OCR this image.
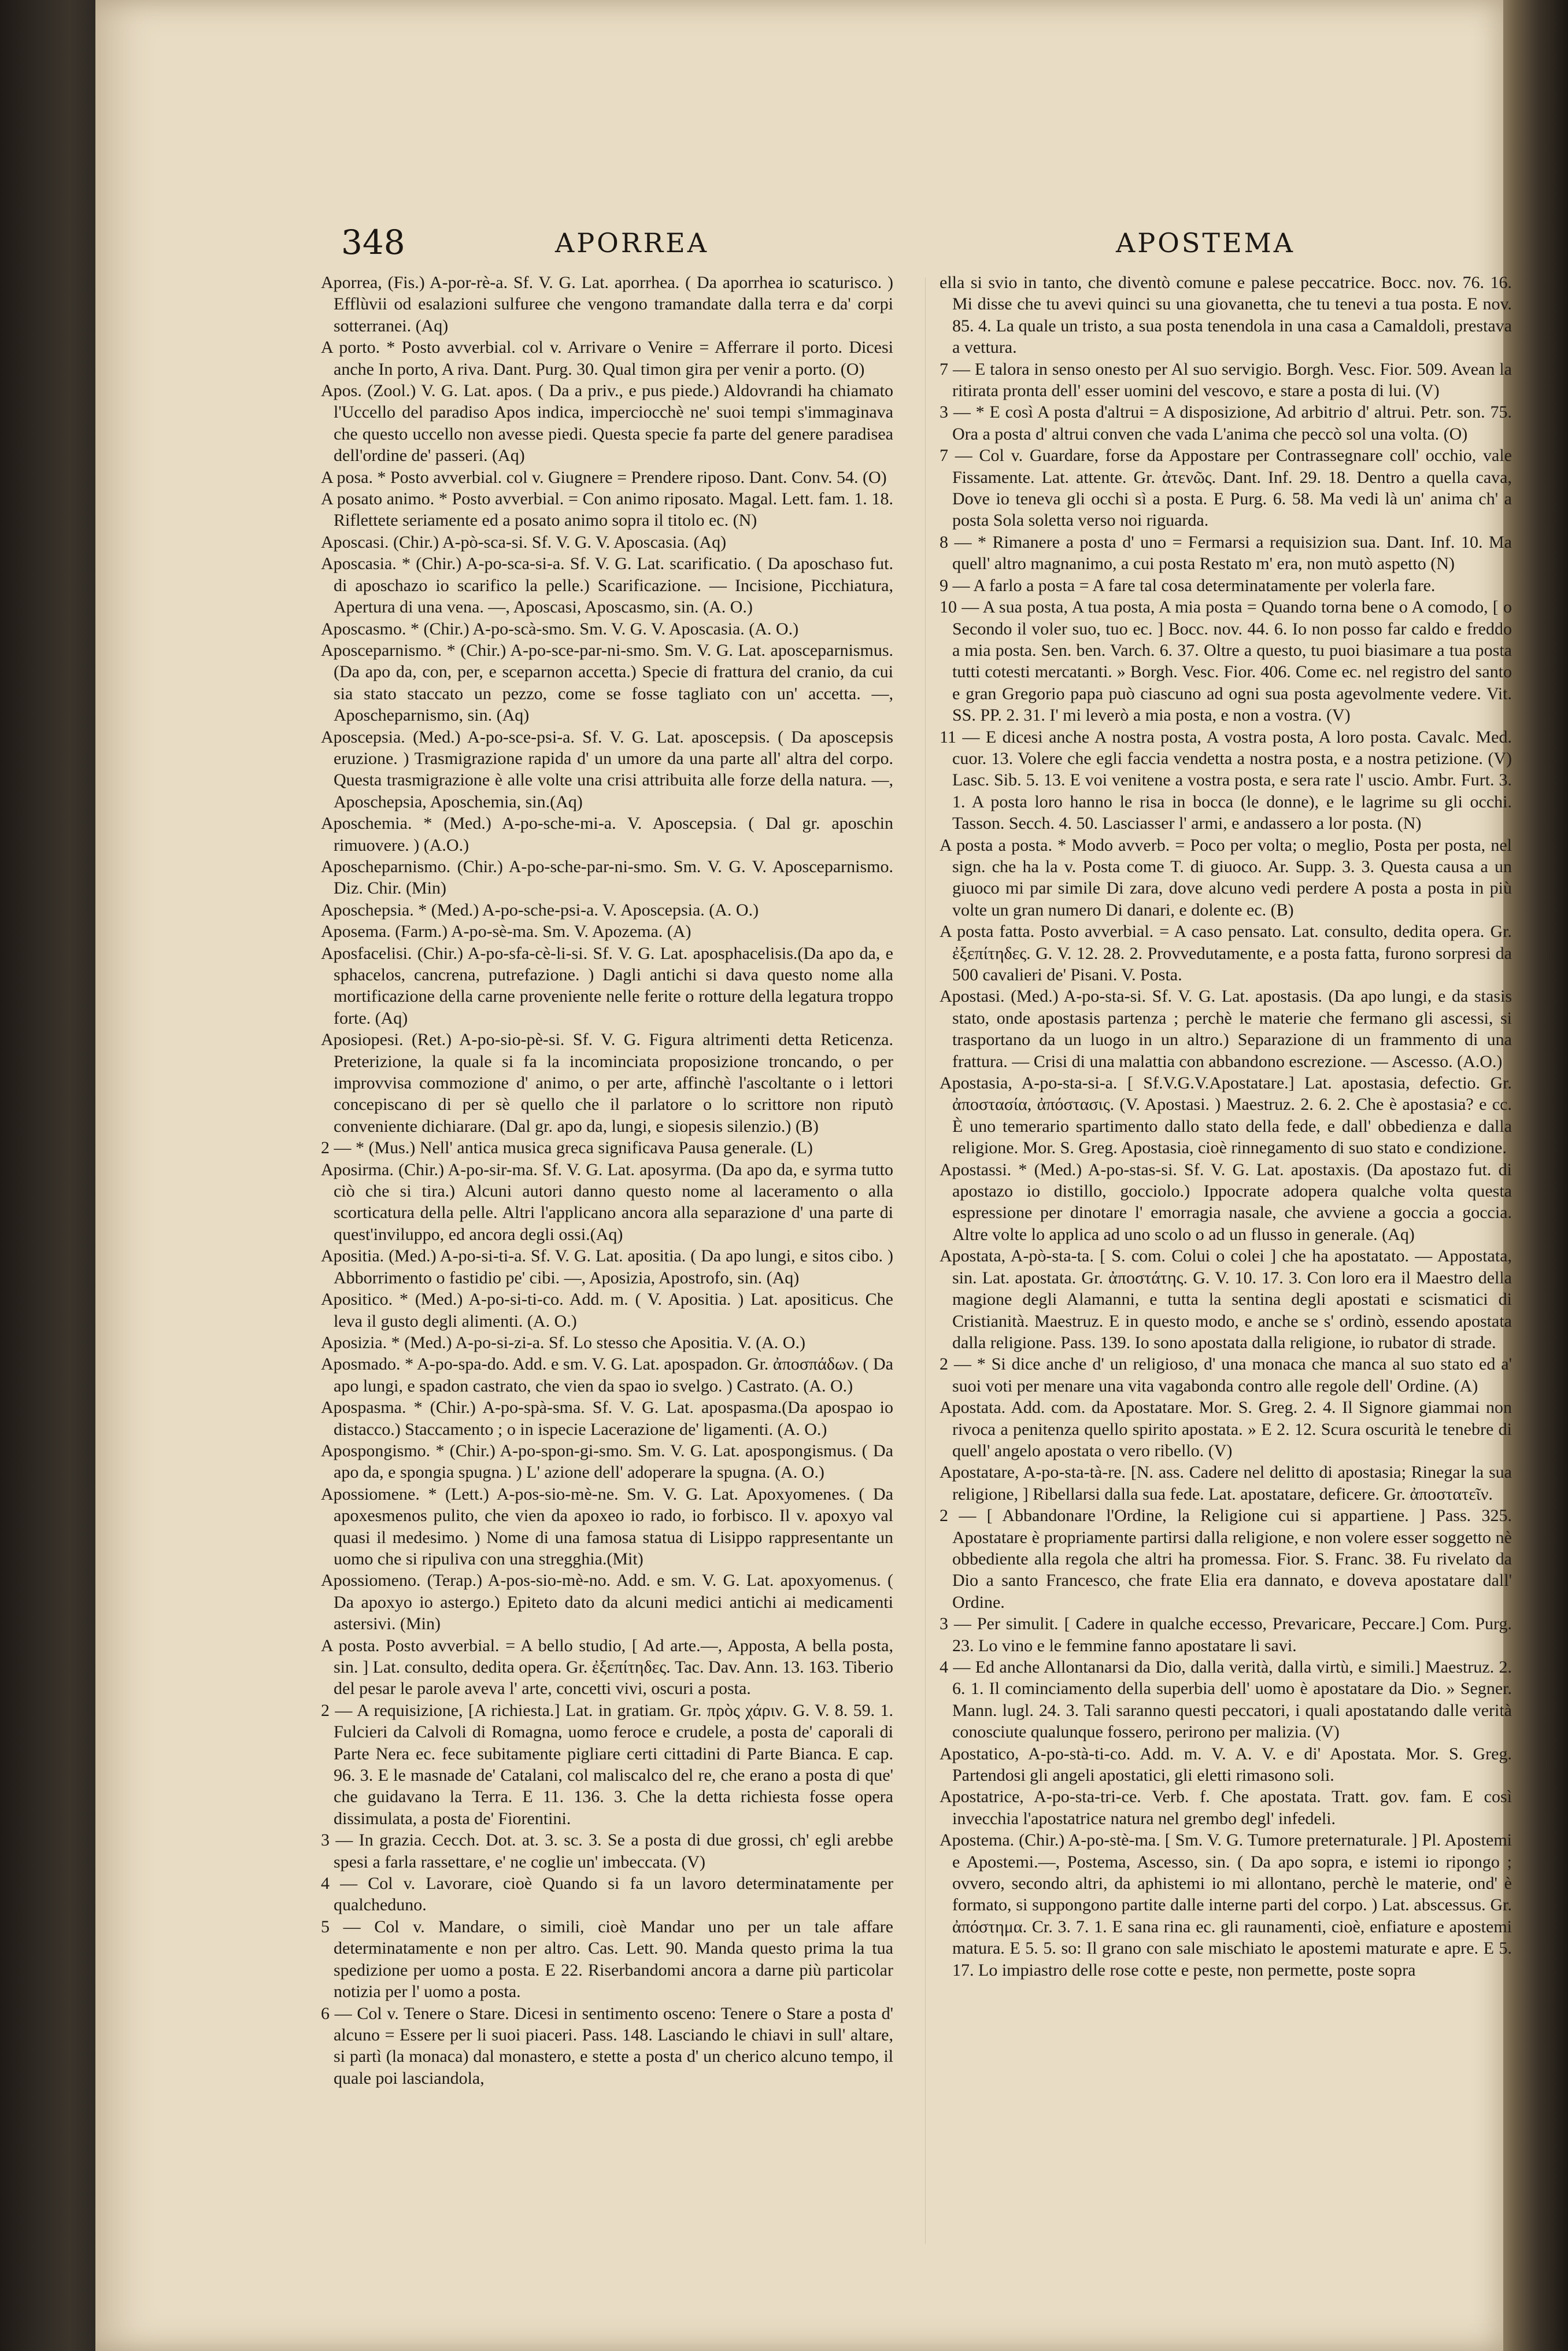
348	APORREA	APOSTEMA

Aporrea, (Fis.) A-por-rè-a. Sf. V. G. Lat. aporrhea. ( Da aporrhea io scaturisco. ) Efflùvii od esalazioni sulfuree che vengono tramandate dalla terra e da' corpi sotterranei. (Aq)

A porto. * Posto avverbial. col v. Arrivare o Venire = Afferrare il porto. Dicesi anche In porto, A riva. Dant. Purg. 30. Qual timon gira per venir a porto. (O)

Apos. (Zool.) V. G. Lat. apos. ( Da a priv., e pus piede.) Aldovrandi ha chiamato l'Uccello del paradiso Apos indica, imperciocchè ne' suoi tempi s'immaginava che questo uccello non avesse piedi. Questa specie fa parte del genere paradisea dell'ordine de' passeri. (Aq)

A posa. * Posto avverbial. col v. Giugnere = Prendere riposo. Dant. Conv. 54. (O)

A posato animo. * Posto avverbial. = Con animo riposato. Magal. Lett. fam. 1. 18. Riflettete seriamente ed a posato animo sopra il titolo ec. (N)

Aposcasi. (Chir.) A-pò-sca-si. Sf. V. G. V. Aposcasia. (Aq)

Aposcasia. * (Chir.) A-po-sca-si-a. Sf. V. G. Lat. scarificatio. ( Da aposchaso fut. di aposchazo io scarifico la pelle.) Scarificazione. — Incisione, Picchiatura, Apertura di una vena. —, Aposcasi, Aposcasmo, sin. (A. O.)

Aposcasmo. * (Chir.) A-po-scà-smo. Sm. V. G. V. Aposcasia. (A. O.)

Aposceparnismo. * (Chir.) A-po-sce-par-ni-smo. Sm. V. G. Lat. aposceparnismus. (Da apo da, con, per, e sceparnon accetta.) Specie di frattura del cranio, da cui sia stato staccato un pezzo, come se fosse tagliato con un' accetta. —, Aposcheparnismo, sin. (Aq)

Aposcepsia. (Med.) A-po-sce-psi-a. Sf. V. G. Lat. aposcepsis. ( Da aposcepsis eruzione. ) Trasmigrazione rapida d' un umore da una parte all' altra del corpo. Questa trasmigrazione è alle volte una crisi attribuita alle forze della natura. —, Aposchepsia, Aposchemia, sin.(Aq)

Aposchemia. * (Med.) A-po-sche-mi-a. V. Aposcepsia. ( Dal gr. aposchin rimuovere. ) (A.O.)

Aposcheparnismo. (Chir.) A-po-sche-par-ni-smo. Sm. V. G. V. Aposceparnismo. Diz. Chir. (Min)

Aposchepsia. * (Med.) A-po-sche-psi-a. V. Aposcepsia. (A. O.)

Aposema. (Farm.) A-po-sè-ma. Sm. V. Apozema. (A)

Aposfacelisi. (Chir.) A-po-sfa-cè-li-si. Sf. V. G. Lat. aposphacelisis.(Da apo da, e sphacelos, cancrena, putrefazione. ) Dagli antichi si dava questo nome alla mortificazione della carne proveniente nelle ferite o rotture della legatura troppo forte. (Aq)

Aposiopesi. (Ret.) A-po-sio-pè-si. Sf. V. G. Figura altrimenti detta Reticenza. Preterizione, la quale si fa la incominciata proposizione troncando, o per improvvisa commozione d' animo, o per arte, affinchè l'ascoltante o i lettori concepiscano di per sè quello che il parlatore o lo scrittore non riputò conveniente dichiarare. (Dal gr. apo da, lungi, e siopesis silenzio.) (B)

2 — * (Mus.) Nell' antica musica greca significava Pausa generale. (L)

Aposirma. (Chir.) A-po-sir-ma. Sf. V. G. Lat. aposyrma. (Da apo da, e syrma tutto ciò che si tira.) Alcuni autori danno questo nome al laceramento o alla scorticatura della pelle. Altri l'applicano ancora alla separazione d' una parte di quest'inviluppo, ed ancora degli ossi.(Aq)

Apositia. (Med.) A-po-si-ti-a. Sf. V. G. Lat. apositia. ( Da apo lungi, e sitos cibo. ) Abborrimento o fastidio pe' cibi. —, Aposizia, Apostrofo, sin. (Aq)

Apositico. * (Med.) A-po-si-ti-co. Add. m. ( V. Apositia. ) Lat. apositicus. Che leva il gusto degli alimenti. (A. O.)

Aposizia. * (Med.) A-po-si-zi-a. Sf. Lo stesso che Apositia. V. (A. O.)

Aposmado. * A-po-spa-do. Add. e sm. V. G. Lat. apospadon. Gr. ἀποσπάδων. ( Da apo lungi, e spadon castrato, che vien da spao io svelgo. ) Castrato. (A. O.)

Apospasma. * (Chir.) A-po-spà-sma. Sf. V. G. Lat. apospasma.(Da apospao io distacco.) Staccamento ; o in ispecie Lacerazione de' ligamenti. (A. O.)

Apospongismo. * (Chir.) A-po-spon-gi-smo. Sm. V. G. Lat. apospongismus. ( Da apo da, e spongia spugna. ) L' azione dell' adoperare la spugna. (A. O.)

Apossiomene. * (Lett.) A-pos-sio-mè-ne. Sm. V. G. Lat. Apoxyomenes. ( Da apoxesmenos pulito, che vien da apoxeo io rado, io forbisco. Il v. apoxyo val quasi il medesimo. ) Nome di una famosa statua di Lisippo rappresentante un uomo che si ripuliva con una stregghia.(Mit)

Apossiomeno. (Terap.) A-pos-sio-mè-no. Add. e sm. V. G. Lat. apoxyomenus. ( Da apoxyo io astergo.) Epiteto dato da alcuni medici antichi ai medicamenti astersivi. (Min)

A posta. Posto avverbial. = A bello studio, [ Ad arte.—, Apposta, A bella posta, sin. ] Lat. consulto, dedita opera. Gr. ἐξεπίτηδες. Tac. Dav. Ann. 13. 163. Tiberio del pesar le parole aveva l' arte, concetti vivi, oscuri a posta.

2 — A requisizione, [A richiesta.] Lat. in gratiam. Gr. πρὸς χάριν. G. V. 8. 59. 1. Fulcieri da Calvoli di Romagna, uomo feroce e crudele, a posta de' caporali di Parte Nera ec. fece subitamente pigliare certi cittadini di Parte Bianca. E cap. 96. 3. E le masnade de' Catalani, col maliscalco del re, che erano a posta di que' che guidavano la Terra. E 11. 136. 3. Che la detta richiesta fosse opera dissimulata, a posta de' Fiorentini.

3 — In grazia. Cecch. Dot. at. 3. sc. 3. Se a posta di due grossi, ch' egli arebbe spesi a farla rassettare, e' ne coglie un' imbeccata. (V)

4 — Col v. Lavorare, cioè Quando si fa un lavoro determinatamente per qualcheduno.

5 — Col v. Mandare, o simili, cioè Mandar uno per un tale affare determinatamente e non per altro. Cas. Lett. 90. Manda questo prima la tua spedizione per uomo a posta. E 22. Riserbandomi ancora a darne più particolar notizia per l' uomo a posta.

6 — Col v. Tenere o Stare. Dicesi in sentimento osceno: Tenere o Stare a posta d' alcuno = Essere per li suoi piaceri. Pass. 148. Lasciando le chiavi in sull' altare, si partì (la monaca) dal monastero, e stette a posta d' un cherico alcuno tempo, il quale poi lasciandola,

ella si svio in tanto, che diventò comune e palese peccatrice. Bocc. nov. 76. 16. Mi disse che tu avevi quinci su una giovanetta, che tu tenevi a tua posta. E nov. 85. 4. La quale un tristo, a sua posta tenendola in una casa a Camaldoli, prestava a vettura.

7 — E talora in senso onesto per Al suo servigio. Borgh. Vesc. Fior. 509. Avean la ritirata pronta dell' esser uomini del vescovo, e stare a posta di lui. (V)

3 — * E così A posta d'altrui = A disposizione, Ad arbitrio d' altrui. Petr. son. 75. Ora a posta d' altrui conven che vada L'anima che peccò sol una volta. (O)

7 — Col v. Guardare, forse da Appostare per Contrassegnare coll' occhio, vale Fissamente. Lat. attente. Gr. ἀτενῶς. Dant. Inf. 29. 18. Dentro a quella cava, Dove io teneva gli occhi sì a posta. E Purg. 6. 58. Ma vedi là un' anima ch' a posta Sola soletta verso noi riguarda.

8 — * Rimanere a posta d' uno = Fermarsi a requisizion sua. Dant. Inf. 10. Ma quell' altro magnanimo, a cui posta Restato m' era, non mutò aspetto (N)

9 — A farlo a posta = A fare tal cosa determinatamente per volerla fare.

10 — A sua posta, A tua posta, A mia posta = Quando torna bene o A comodo, [ o Secondo il voler suo, tuo ec. ] Bocc. nov. 44. 6. Io non posso far caldo e freddo a mia posta. Sen. ben. Varch. 6. 37. Oltre a questo, tu puoi biasimare a tua posta tutti cotesti mercatanti. » Borgh. Vesc. Fior. 406. Come ec. nel registro del santo e gran Gregorio papa può ciascuno ad ogni sua posta agevolmente vedere. Vit. SS. PP. 2. 31. I' mi leverò a mia posta, e non a vostra. (V)

11 — E dicesi anche A nostra posta, A vostra posta, A loro posta. Cavalc. Med. cuor. 13. Volere che egli faccia vendetta a nostra posta, e a nostra petizione. (V) Lasc. Sib. 5. 13. E voi venitene a vostra posta, e sera rate l' uscio. Ambr. Furt. 3. 1. A posta loro hanno le risa in bocca (le donne), e le lagrime su gli occhi. Tasson. Secch. 4. 50. Lasciasser l' armi, e andassero a lor posta. (N)

A posta a posta. * Modo avverb. = Poco per volta; o meglio, Posta per posta, nel sign. che ha la v. Posta come T. di giuoco. Ar. Supp. 3. 3. Questa causa a un giuoco mi par simile Di zara, dove alcuno vedi perdere A posta a posta in più volte un gran numero Di danari, e dolente ec. (B)

A posta fatta. Posto avverbial. = A caso pensato. Lat. consulto, dedita opera. Gr. ἐξεπίτηδες. G. V. 12. 28. 2. Provvedutamente, e a posta fatta, furono sorpresi da 500 cavalieri de' Pisani. V. Posta.

Apostasi. (Med.) A-po-sta-si. Sf. V. G. Lat. apostasis. (Da apo lungi, e da stasis stato, onde apostasis partenza ; perchè le materie che fermano gli ascessi, si trasportano da un luogo in un altro.) Separazione di un frammento di una frattura. — Crisi di una malattia con abbandono escrezione. — Ascesso. (A.O.)

Apostasia, A-po-sta-si-a. [ Sf.V.G.V.Apostatare.] Lat. apostasia, defectio. Gr. ἀποστασία, ἀπόστασις. (V. Apostasi. ) Maestruz. 2. 6. 2. Che è apostasia? e cc. È uno temerario spartimento dallo stato della fede, e dall' obbedienza e dalla religione. Mor. S. Greg. Apostasia, cioè rinnegamento di suo stato e condizione.

Apostassi. * (Med.) A-po-stas-si. Sf. V. G. Lat. apostaxis. (Da apostazo fut. di apostazo io distillo, gocciolo.) Ippocrate adopera qualche volta questa espressione per dinotare l' emorragia nasale, che avviene a goccia a goccia. Altre volte lo applica ad uno scolo o ad un flusso in generale. (Aq)

Apostata, A-pò-sta-ta. [ S. com. Colui o colei ] che ha apostatato. — Appostata, sin. Lat. apostata. Gr. ἀποστάτης. G. V. 10. 17. 3. Con loro era il Maestro della magione degli Alamanni, e tutta la sentina degli apostati e scismatici di Cristianità. Maestruz. E in questo modo, e anche se s' ordinò, essendo apostata dalla religione. Pass. 139. Io sono apostata dalla religione, io rubator di strade.

2 — * Si dice anche d' un religioso, d' una monaca che manca al suo stato ed a' suoi voti per menare una vita vagabonda contro alle regole dell' Ordine. (A)

Apostata. Add. com. da Apostatare. Mor. S. Greg. 2. 4. Il Signore giammai non rivoca a penitenza quello spirito apostata. » E 2. 12. Scura oscurità le tenebre di quell' angelo apostata o vero ribello. (V)

Apostatare, A-po-sta-tà-re. [N. ass. Cadere nel delitto di apostasia; Rinegar la sua religione, ] Ribellarsi dalla sua fede. Lat. apostatare, deficere. Gr. ἀποστατεῖν.

2 — [ Abbandonare l'Ordine, la Religione cui si appartiene. ] Pass. 325. Apostatare è propriamente partirsi dalla religione, e non volere esser soggetto nè obbediente alla regola che altri ha promessa. Fior. S. Franc. 38. Fu rivelato da Dio a santo Francesco, che frate Elia era dannato, e doveva apostatare dall' Ordine.

3 — Per simulit. [ Cadere in qualche eccesso, Prevaricare, Peccare.] Com. Purg. 23. Lo vino e le femmine fanno apostatare li savi.

4 — Ed anche Allontanarsi da Dio, dalla verità, dalla virtù, e simili.] Maestruz. 2. 6. 1. Il cominciamento della superbia dell' uomo è apostatare da Dio. » Segner. Mann. lugl. 24. 3. Tali saranno questi peccatori, i quali apostatando dalle verità conosciute qualunque fossero, perirono per malizia. (V)

Apostatico, A-po-stà-ti-co. Add. m. V. A. V. e di' Apostata. Mor. S. Greg. Partendosi gli angeli apostatici, gli eletti rimasono soli.

Apostatrice, A-po-sta-tri-ce. Verb. f. Che apostata. Tratt. gov. fam. E così invecchia l'apostatrice natura nel grembo degl' infedeli.

Apostema. (Chir.) A-po-stè-ma. [ Sm. V. G. Tumore preternaturale. ] Pl. Apostemi e Apostemi.—, Postema, Ascesso, sin. ( Da apo sopra, e istemi io ripongo ; ovvero, secondo altri, da aphistemi io mi allontano, perchè le materie, ond' è formato, si suppongono partite dalle interne parti del corpo. ) Lat. abscessus. Gr. ἀπόστημα. Cr. 3. 7. 1. E sana rina ec. gli raunamenti, cioè, enfiature e apostemi matura. E 5. 5. so: Il grano con sale mischiato le apostemi maturate e apre. E 5. 17. Lo impiastro delle rose cotte e peste, non permette, poste sopra
